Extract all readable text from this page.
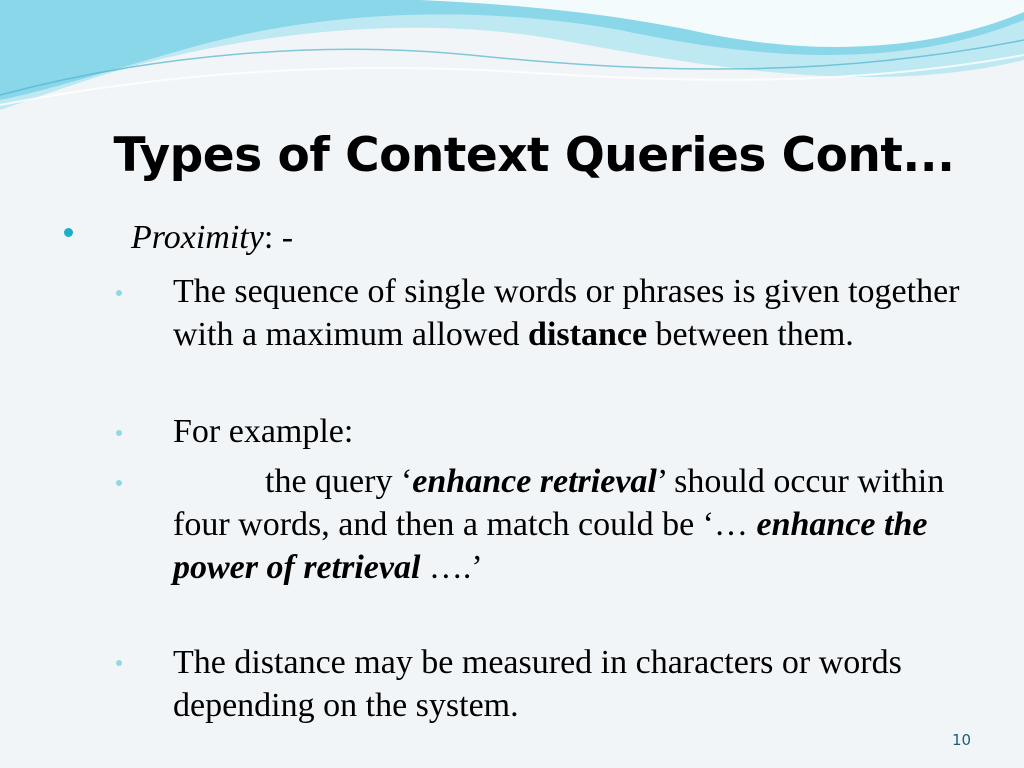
Types of Context Queries Cont...
Proximity: -
The sequence of single words or phrases is given together with a maximum allowed distance between them.
For example:
the query ‘enhance retrieval’ should occur within four words, and then a match could be ‘… enhance the power of retrieval ….’
The distance may be measured in characters or words depending on the system.
10
